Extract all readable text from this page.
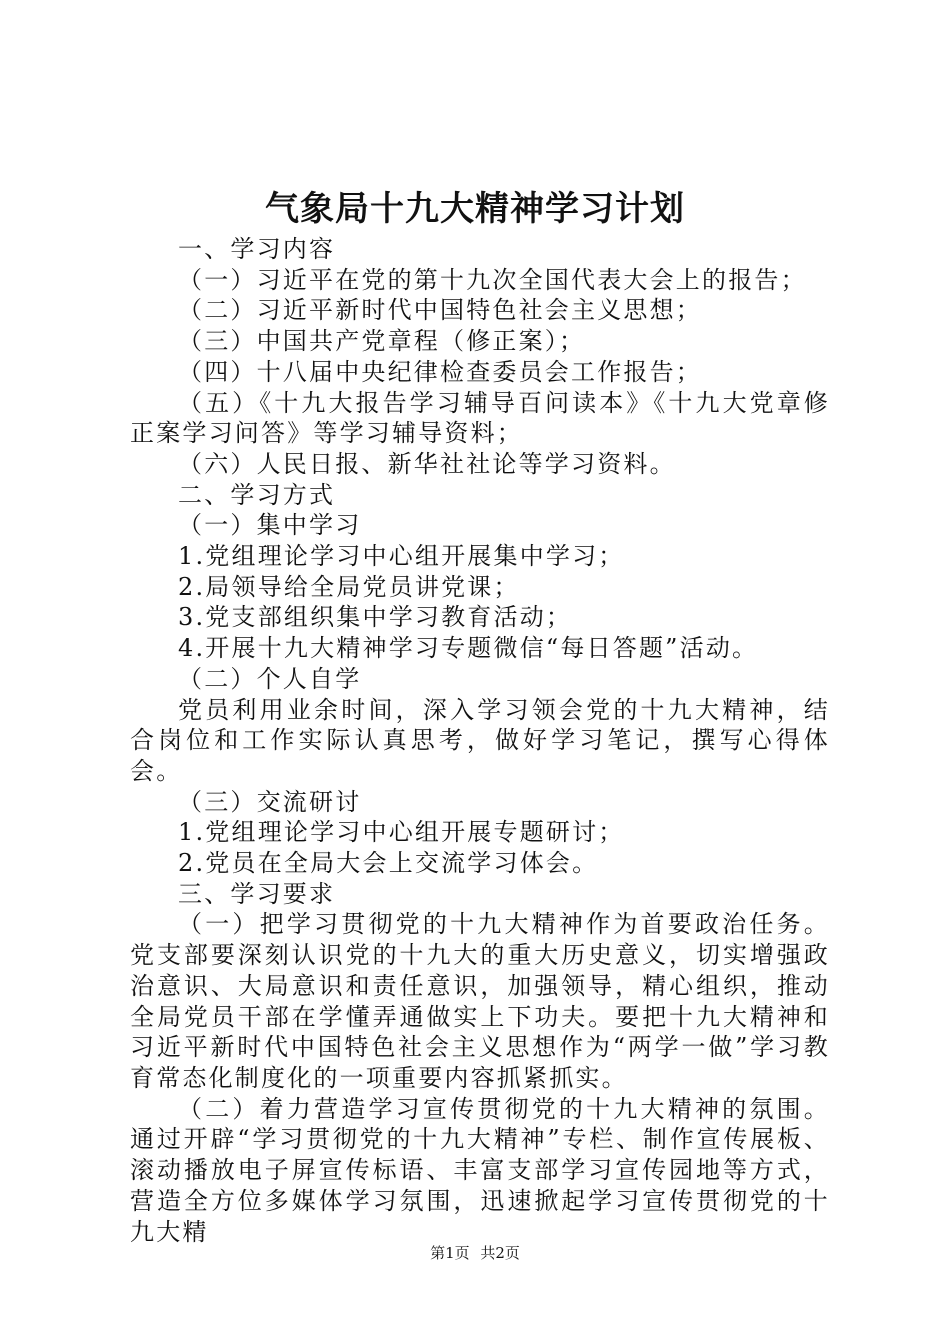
气象局十九大精神学习计划

一、学习内容

（一）习近平在党的第十九次全国代表大会上的报告；

（二）习近平新时代中国特色社会主义思想；

（三）中国共产党章程（修正案）；

（四）十八届中央纪律检查委员会工作报告；

（五）《十九大报告学习辅导百问读本》《十九大党章修正案学习问答》等学习辅导资料；

（六）人民日报、新华社社论等学习资料。

二、学习方式

（一）集中学习

1.党组理论学习中心组开展集中学习；

2.局领导给全局党员讲党课；

3.党支部组织集中学习教育活动；

4.开展十九大精神学习专题微信“每日答题”活动。

（二）个人自学

党员利用业余时间，深入学习领会党的十九大精神，结合岗位和工作实际认真思考，做好学习笔记，撰写心得体会。

（三）交流研讨

1.党组理论学习中心组开展专题研讨；

2.党员在全局大会上交流学习体会。

三、学习要求

（一）把学习贯彻党的十九大精神作为首要政治任务。党支部要深刻认识党的十九大的重大历史意义，切实增强政治意识、大局意识和责任意识，加强领导，精心组织，推动全局党员干部在学懂弄通做实上下功夫。要把十九大精神和习近平新时代中国特色社会主义思想作为“两学一做”学习教育常态化制度化的一项重要内容抓紧抓实。

（二）着力营造学习宣传贯彻党的十九大精神的氛围。通过开辟“学习贯彻党的十九大精神”专栏、制作宣传展板、滚动播放电子屏宣传标语、丰富支部学习宣传园地等方式，营造全方位多媒体学习氛围，迅速掀起学习宣传贯彻党的十九大精

第1页 共2页
